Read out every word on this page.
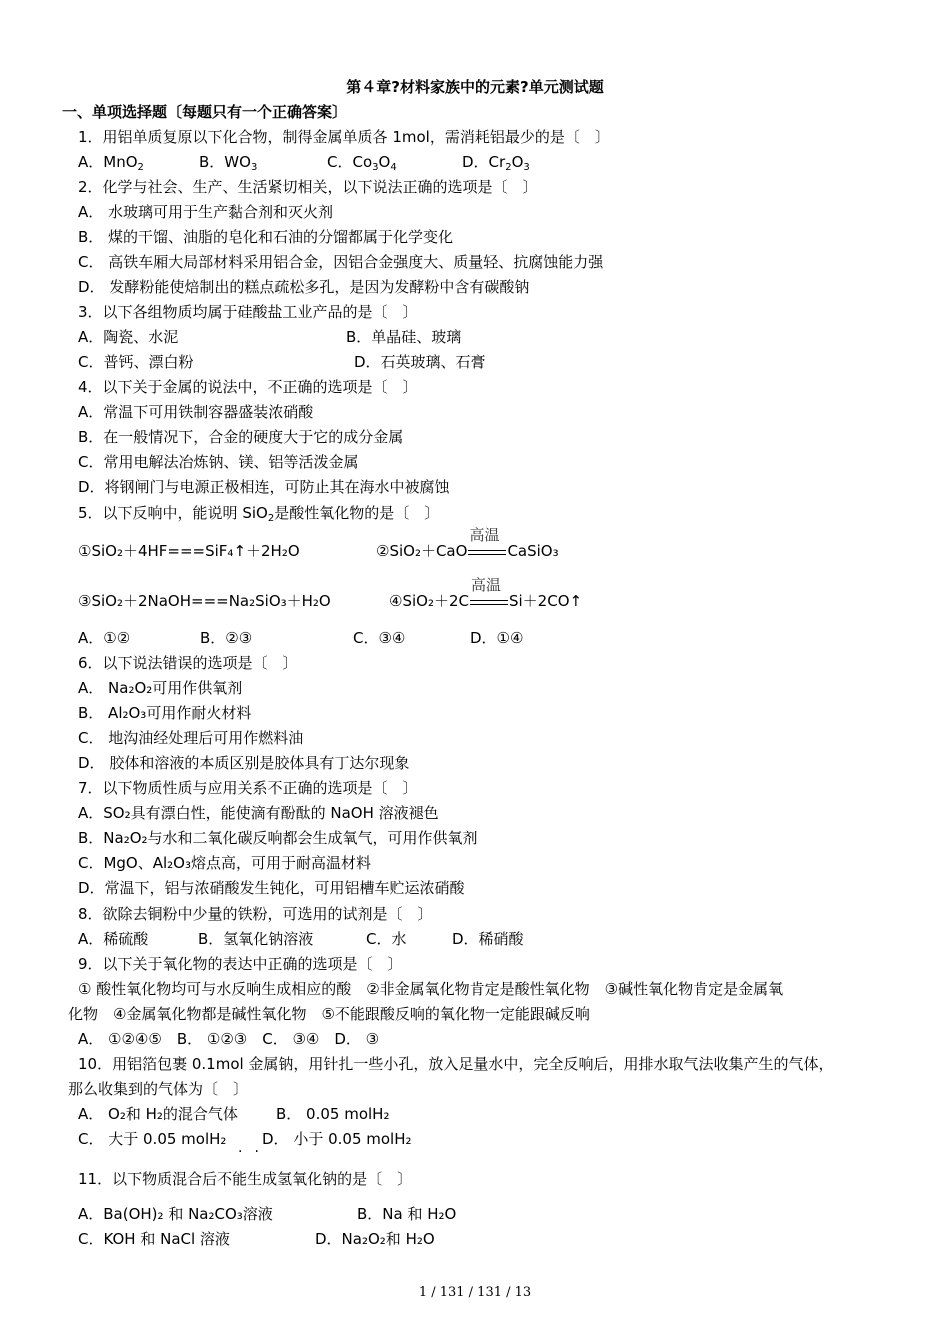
第４章?材料家族中的元素?单元测试题
一、单项选择题〔每题只有一个正确答案〕
1．用铝单质复原以下化合物，制得金属单质各 1mol，需消耗铝最少的是〔　〕
A．MnO$_2$	B．$WO_3$	C．$Co_3O_4$	D．$Cr_2O_3$
2．化学与社会、生产、生活紧切相关，以下说法正确的选项是〔　〕
A． 水玻璃可用于生产黏合剂和灭火剂
B． 煤的干馏、油脂的皂化和石油的分馏都属于化学变化
C． 高铁车厢大局部材料采用铝合金，因铝合金强度大、质量轻、抗腐蚀能力强
D． 发酵粉能使焙制出的糕点疏松多孔，是因为发酵粉中含有碳酸钠
3．以下各组物质均属于硅酸盐工业产品的是〔　〕
A．陶瓷、水泥	B．单晶硅、玻璃
C．普钙、漂白粉	D．石英玻璃、石膏
4．以下关于金属的说法中，不正确的选项是〔　〕
A．常温下可用铁制容器盛装浓硝酸
B．在一般情况下，合金的硬度大于它的成分金属
C．常用电解法冶炼钠、镁、铝等活泼金属
D．将钢闸门与电源正极相连，可防止其在海水中被腐蚀
5．以下反响中，能说明 SiO$_2$是酸性氧化物的是〔　〕
①SiO₂＋4HF===SiF₄↑＋2H₂O	②SiO₂＋CaO
高温
CaSiO₃
③SiO₂＋2NaOH===Na₂SiO₃＋H₂O	④SiO₂＋2C
高温
Si＋2CO↑
A．①②	B．②③	C．③④	D．①④
6．以下说法错误的选项是〔　〕
A． Na₂O₂可用作供氧剂
B． Al₂O₃可用作耐火材料
C． 地沟油经处理后可用作燃料油
D． 胶体和溶液的本质区别是胶体具有丁达尔现象
7．以下物质性质与应用关系不正确的选项是〔　〕
A．SO₂具有漂白性，能使滴有酚酞的 NaOH 溶液褪色
B．Na₂O₂与水和二氧化碳反响都会生成氧气，可用作供氧剂
C．MgO、Al₂O₃熔点高，可用于耐高温材料
D．常温下，铝与浓硝酸发生钝化，可用铝槽车贮运浓硝酸
8．欲除去铜粉中少量的铁粉，可选用的试剂是〔　〕
A．稀硫酸	B．氢氧化钠溶液	C．水	D．稀硝酸
9．以下关于氧化物的表达中正确的选项是〔　〕
① 酸性氧化物均可与水反响生成相应的酸　②非金属氧化物肯定是酸性氧化物　③碱性氧化物肯定是金属氧
化物　④金属氧化物都是碱性氧化物　⑤不能跟酸反响的氧化物一定能跟碱反响
A． ①②④⑤　B． ①②③　C． ③④　D． ③
10．用铝箔包裹 0.1mol 金属钠，用针扎一些小孔，放入足量水中，完全反响后，用排水取气法收集产生的气体，
那么收集到的气体为〔　〕
A． O₂和 H₂的混合气体	B． 0.05 molH₂
C． 大于 0.05 molH₂ D． 小于 0.05 molH₂
··
11．以下物质混合后不能生成氢氧化钠的是〔　〕
A．Ba(OH)₂ 和 Na₂CO₃溶液	B．Na 和 H₂O
C．KOH 和 NaCl 溶液	D．Na₂O₂和 H₂O
1 / 131 / 131 / 13
